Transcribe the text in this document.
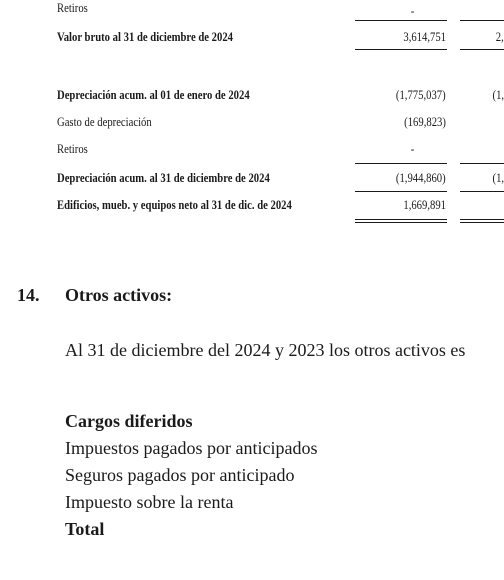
Retiros	-
Valor bruto al 31 de diciembre de 2024	3,614,751	2,
Depreciación acum. al 01 de enero de 2024	(1,775,037)	(1,
Gasto de depreciación	(169,823)
Retiros	-
Depreciación acum. al 31 de diciembre de 2024	(1,944,860)	(1,
Edificios, mueb. y equipos neto al 31 de dic. de 2024	1,669,891
14. Otros activos:
Al 31 de diciembre del 2024 y 2023 los otros activos es
Cargos diferidos
Impuestos pagados por anticipados
Seguros pagados por anticipado
Impuesto sobre la renta
Total
